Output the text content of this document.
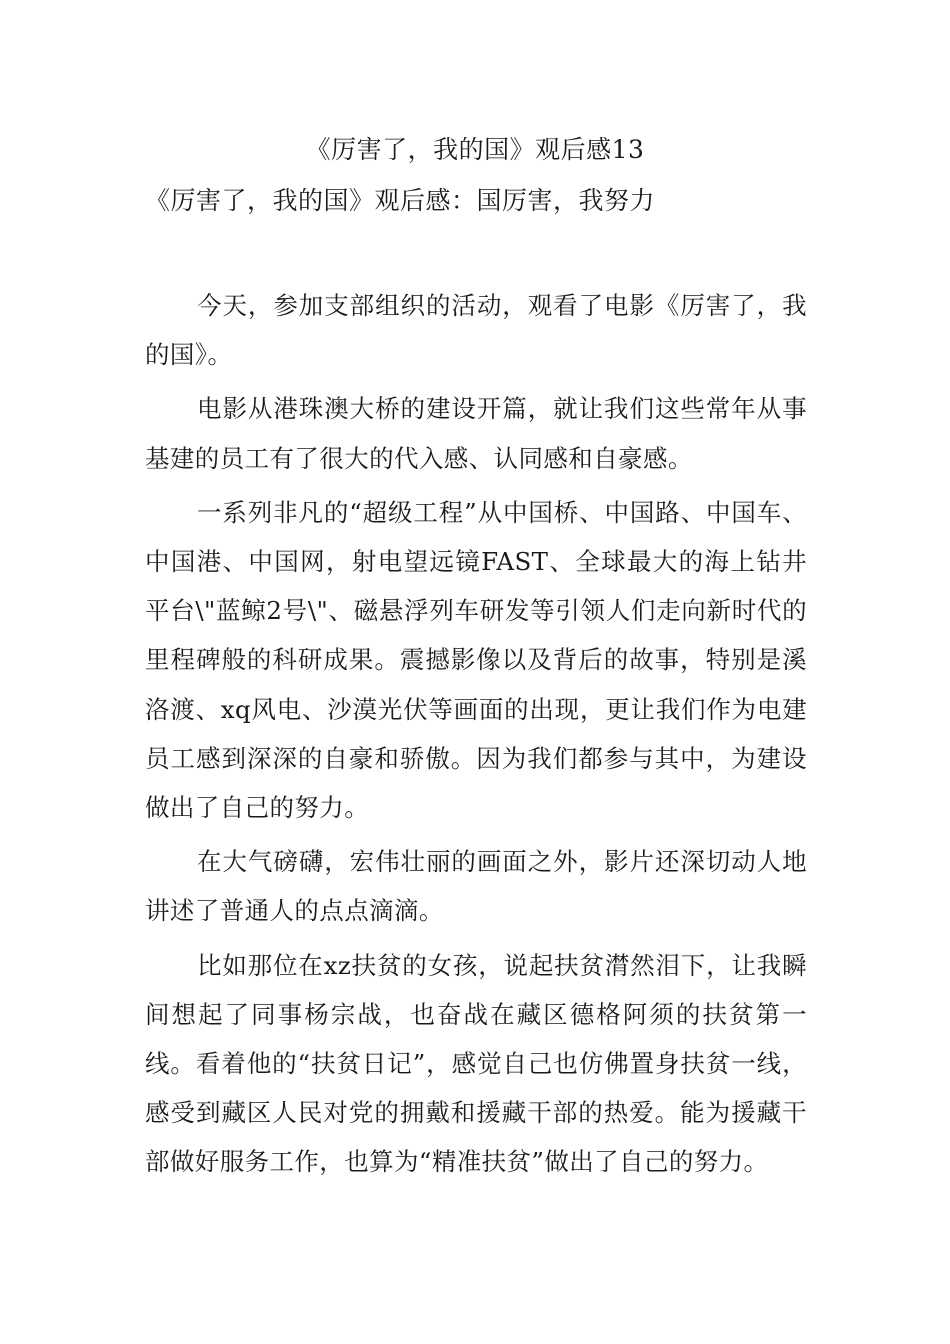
《厉害了，我的国》观后感13
《厉害了，我的国》观后感：国厉害，我努力

今天，参加支部组织的活动，观看了电影《厉害了，我的国》。

电影从港珠澳大桥的建设开篇，就让我们这些常年从事基建的员工有了很大的代入感、认同感和自豪感。

一系列非凡的“超级工程”从中国桥、中国路、中国车、中国港、中国网，射电望远镜FAST、全球最大的海上钻井平台\"蓝鲸2号\"、磁悬浮列车研发等引领人们走向新时代的里程碑般的科研成果。震撼影像以及背后的故事，特别是溪洛渡、xq风电、沙漠光伏等画面的出现，更让我们作为电建员工感到深深的自豪和骄傲。因为我们都参与其中，为建设做出了自己的努力。

在大气磅礴，宏伟壮丽的画面之外，影片还深切动人地讲述了普通人的点点滴滴。

比如那位在xz扶贫的女孩，说起扶贫潸然泪下，让我瞬间想起了同事杨宗战，也奋战在藏区德格阿须的扶贫第一线。看着他的“扶贫日记”，感觉自己也仿佛置身扶贫一线，感受到藏区人民对党的拥戴和援藏干部的热爱。能为援藏干部做好服务工作，也算为“精准扶贫”做出了自己的努力。
